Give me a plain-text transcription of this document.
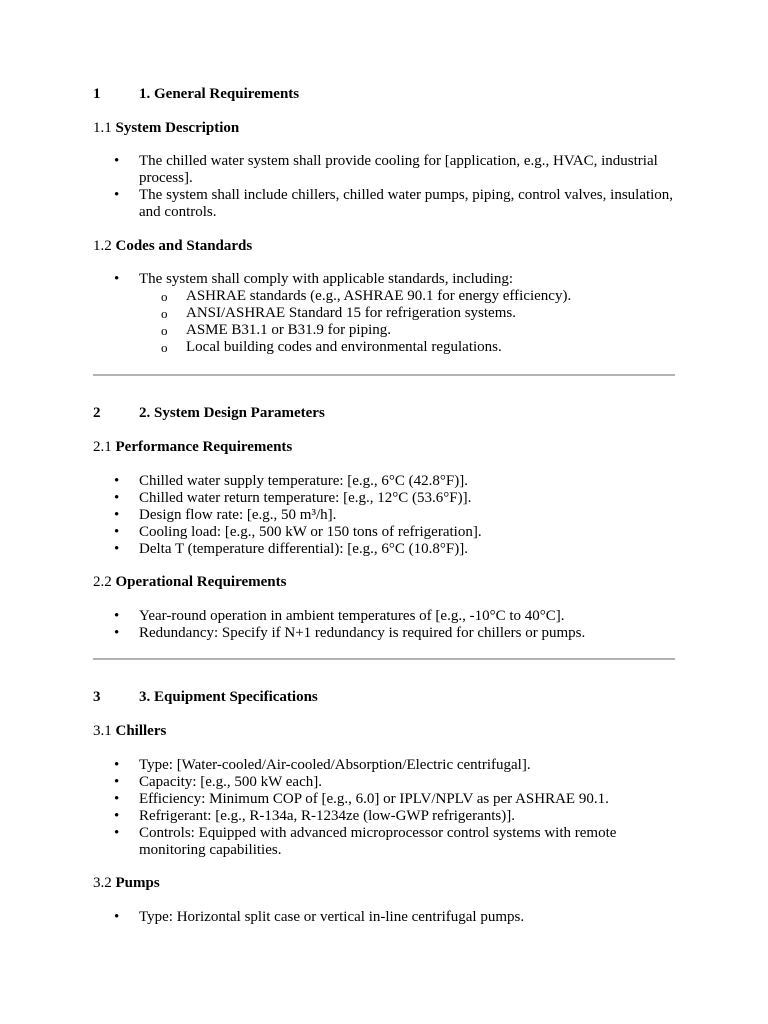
1	1. General Requirements
1.1 System Description
• The chilled water system shall provide cooling for [application, e.g., HVAC, industrial process].
• The system shall include chillers, chilled water pumps, piping, control valves, insulation, and controls.
1.2 Codes and Standards
• The system shall comply with applicable standards, including:
o ASHRAE standards (e.g., ASHRAE 90.1 for energy efficiency).
o ANSI/ASHRAE Standard 15 for refrigeration systems.
o ASME B31.1 or B31.9 for piping.
o Local building codes and environmental regulations.
2	2. System Design Parameters
2.1 Performance Requirements
• Chilled water supply temperature: [e.g., 6°C (42.8°F)].
• Chilled water return temperature: [e.g., 12°C (53.6°F)].
• Design flow rate: [e.g., 50 m³/h].
• Cooling load: [e.g., 500 kW or 150 tons of refrigeration].
• Delta T (temperature differential): [e.g., 6°C (10.8°F)].
2.2 Operational Requirements
• Year-round operation in ambient temperatures of [e.g., -10°C to 40°C].
• Redundancy: Specify if N+1 redundancy is required for chillers or pumps.
3	3. Equipment Specifications
3.1 Chillers
• Type: [Water-cooled/Air-cooled/Absorption/Electric centrifugal].
• Capacity: [e.g., 500 kW each].
• Efficiency: Minimum COP of [e.g., 6.0] or IPLV/NPLV as per ASHRAE 90.1.
• Refrigerant: [e.g., R-134a, R-1234ze (low-GWP refrigerants)].
• Controls: Equipped with advanced microprocessor control systems with remote monitoring capabilities.
3.2 Pumps
• Type: Horizontal split case or vertical in-line centrifugal pumps.
